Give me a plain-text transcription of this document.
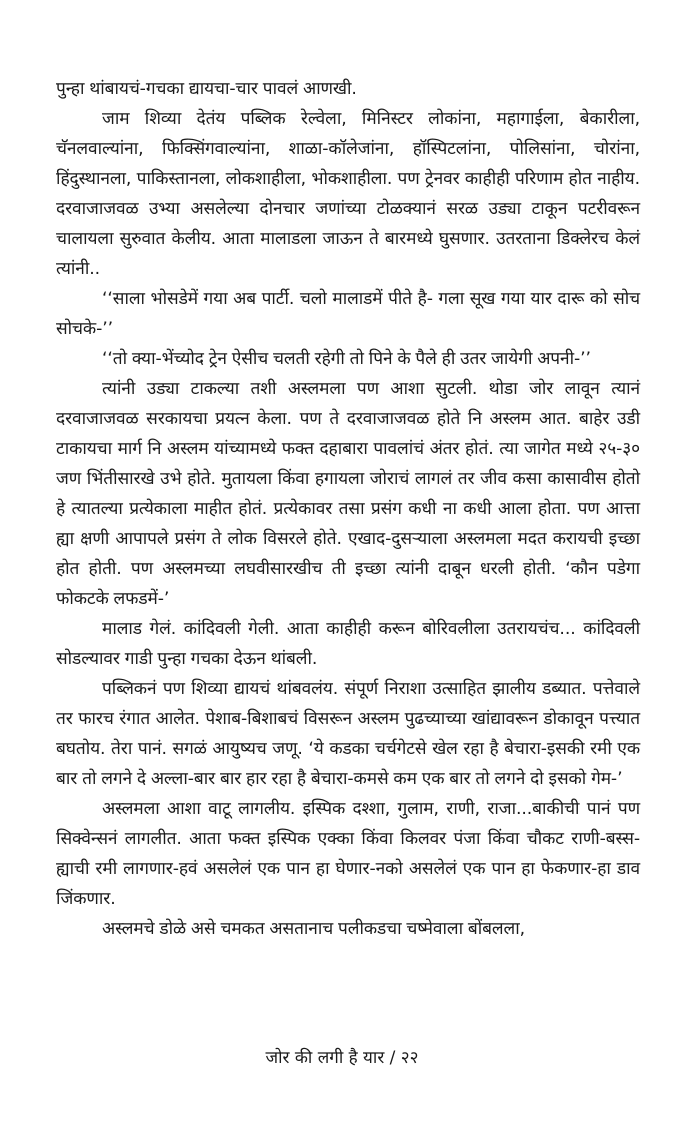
पुन्हा थांबायचं-गचका द्यायचा-चार पावलं आणखी.

जाम शिव्या देतंय पब्लिक रेल्वेला, मिनिस्टर लोकांना, महागाईला, बेकारीला, चॅनलवाल्यांना, फिक्सिंगवाल्यांना, शाळा-कॉलेजांना, हॉस्पिटलांना, पोलिसांना, चोरांना, हिंदुस्थानला, पाकिस्तानला, लोकशाहीला, भोकशाहीला. पण ट्रेनवर काहीही परिणाम होत नाहीय. दरवाजाजवळ उभ्या असलेल्या दोनचार जणांच्या टोळक्यानं सरळ उड्या टाकून पटरीवरून चालायला सुरुवात केलीय. आता मालाडला जाऊन ते बारमध्ये घुसणार. उतरताना डिक्लेरच केलं त्यांनी..

‘‘साला भोसडेमें गया अब पार्टी. चलो मालाडमें पीते है- गला सूख गया यार दारू को सोच सोचके-’’

‘‘तो क्या-भेंच्योद ट्रेन ऐसीच चलती रहेगी तो पिने के पैले ही उतर जायेगी अपनी-’’

त्यांनी उड्या टाकल्या तशी अस्लमला पण आशा सुटली. थोडा जोर लावून त्यानं दरवाजाजवळ सरकायचा प्रयत्न केला. पण ते दरवाजाजवळ होते नि अस्लम आत. बाहेर उडी टाकायचा मार्ग नि अस्लम यांच्यामध्ये फक्त दहाबारा पावलांचं अंतर होतं. त्या जागेत मध्ये २५-३० जण भिंतीसारखे उभे होते. मुतायला किंवा हगायला जोराचं लागलं तर जीव कसा कासावीस होतो हे त्यातल्या प्रत्येकाला माहीत होतं. प्रत्येकावर तसा प्रसंग कधी ना कधी आला होता. पण आत्ता ह्या क्षणी आपापले प्रसंग ते लोक विसरले होते. एखाद-दुसऱ्याला अस्लमला मदत करायची इच्छा होत होती. पण अस्लमच्या लघवीसारखीच ती इच्छा त्यांनी दाबून धरली होती. ‘कौन पडेगा फोकटके लफडमें-’

मालाड गेलं. कांदिवली गेली. आता काहीही करून बोरिवलीला उतरायचंच... कांदिवली सोडल्यावर गाडी पुन्हा गचका देऊन थांबली.

पब्लिकनं पण शिव्या द्यायचं थांबवलंय. संपूर्ण निराशा उत्साहित झालीय डब्यात. पत्तेवाले तर फारच रंगात आलेत. पेशाब-बिशाबचं विसरून अस्लम पुढच्याच्या खांद्यावरून डोकावून पत्त्यात बघतोय. तेरा पानं. सगळं आयुष्यच जणू. ‘ये कडका चर्चगेटसे खेल रहा है बेचारा-इसकी रमी एक बार तो लगने दे अल्ला-बार बार हार रहा है बेचारा-कमसे कम एक बार तो लगने दो इसको गेम-’

अस्लमला आशा वाटू लागलीय. इस्पिक दश्शा, गुलाम, राणी, राजा...बाकीची पानं पण सिक्वेन्सनं लागलीत. आता फक्त इस्पिक एक्का किंवा किलवर पंजा किंवा चौकट राणी-बस्स-ह्याची रमी लागणार-हवं असलेलं एक पान हा घेणार-नको असलेलं एक पान हा फेकणार-हा डाव जिंकणार.

अस्लमचे डोळे असे चमकत असतानाच पलीकडचा चष्मेवाला बोंबलला,

जोर की लगी है यार / २२
